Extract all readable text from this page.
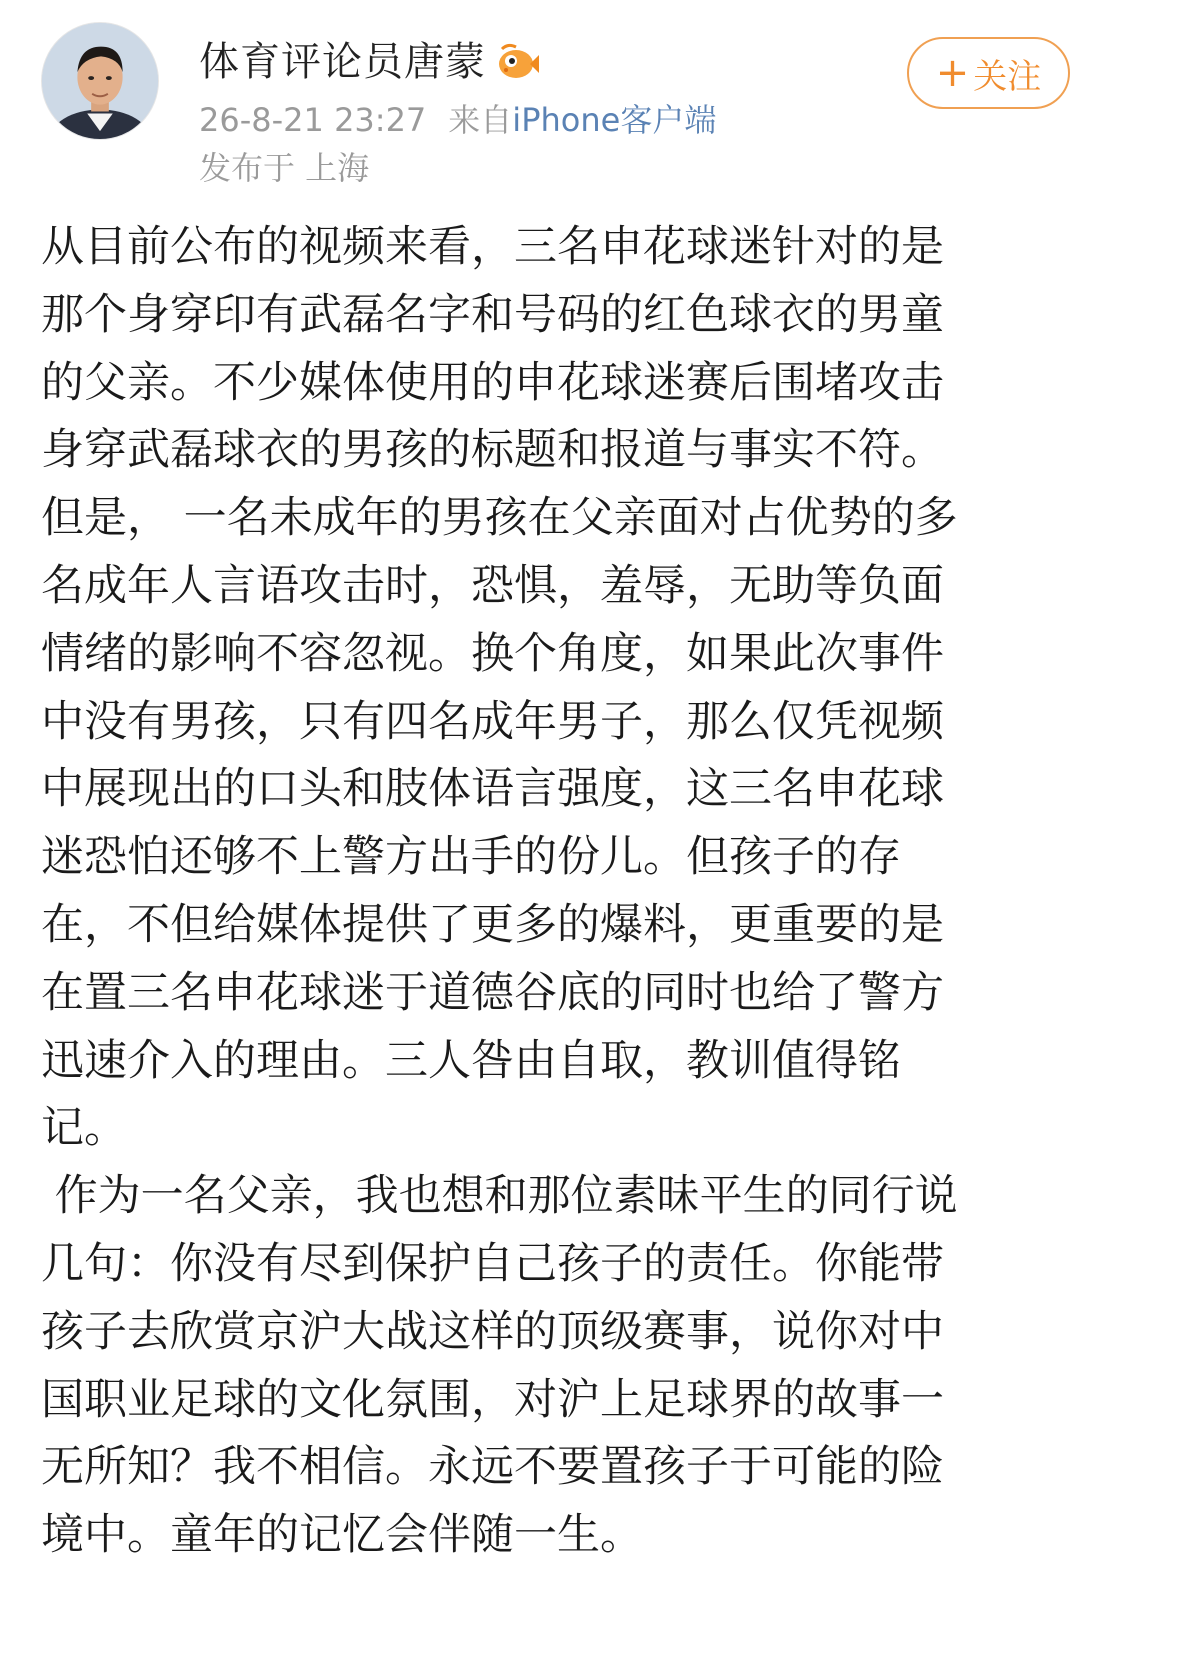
体育评论员唐蒙	+ 关注
26-8-21 23:27 来自iPhone客户端
发布于 上海
从目前公布的视频来看，三名申花球迷针对的是
那个身穿印有武磊名字和号码的红色球衣的男童
的父亲。不少媒体使用的申花球迷赛后围堵攻击
身穿武磊球衣的男孩的标题和报道与事实不符。
但是， 一名未成年的男孩在父亲面对占优势的多
名成年人言语攻击时，恐惧，羞辱，无助等负面
情绪的影响不容忽视。换个角度，如果此次事件
中没有男孩，只有四名成年男子，那么仅凭视频
中展现出的口头和肢体语言强度，这三名申花球
迷恐怕还够不上警方出手的份儿。但孩子的存
在，不但给媒体提供了更多的爆料，更重要的是
在置三名申花球迷于道德谷底的同时也给了警方
迅速介入的理由。三人咎由自取，教训值得铭
记。
作为一名父亲，我也想和那位素昧平生的同行说
几句：你没有尽到保护自己孩子的责任。你能带
孩子去欣赏京沪大战这样的顶级赛事，说你对中
国职业足球的文化氛围，对沪上足球界的故事一
无所知？我不相信。永远不要置孩子于可能的险
境中。童年的记忆会伴随一生。
